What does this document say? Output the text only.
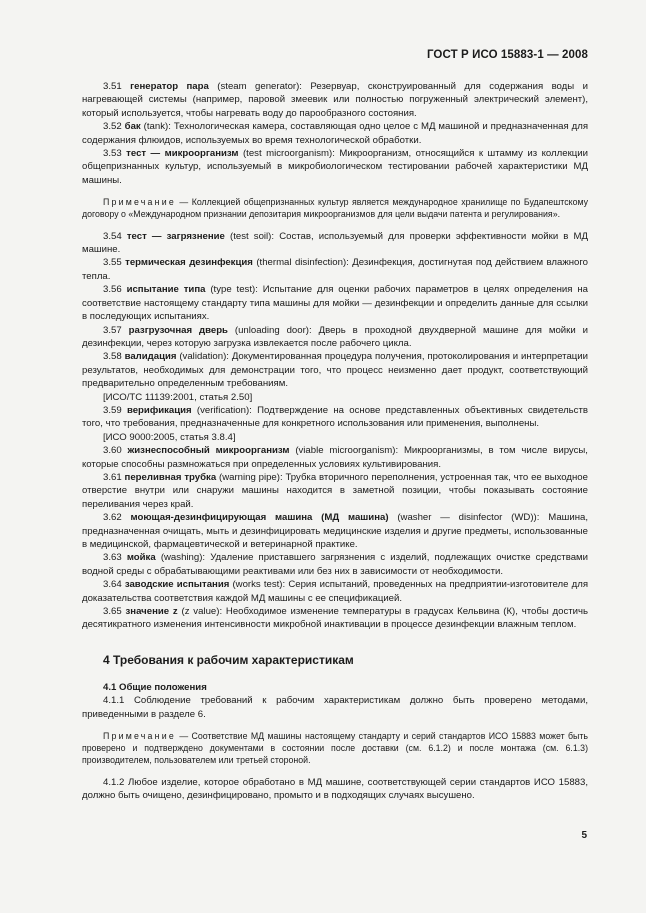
ГОСТ Р ИСО 15883-1 — 2008

3.51 генератор пара (steam generator): Резервуар, сконструированный для содержания воды и нагревающей системы (например, паровой змеевик или полностью погруженный электрический элемент), который используется, чтобы нагревать воду до парообразного состояния.

3.52 бак (tank): Технологическая камера, составляющая одно целое с МД машиной и предназначенная для содержания флюидов, используемых во время технологической обработки.

3.53 тест — микроорганизм (test microorganism): Микроорганизм, относящийся к штамму из коллекции общепризнанных культур, используемый в микробиологическом тестировании рабочей характеристики МД машины.

Примечание — Коллекцией общепризнанных культур является международное хранилище по Будапештскому договору о «Международном признании депозитария микроорганизмов для цели выдачи патента и регулирования».

3.54 тест — загрязнение (test soil): Состав, используемый для проверки эффективности мойки в МД машине.

3.55 термическая дезинфекция (thermal disinfection): Дезинфекция, достигнутая под действием влажного тепла.

3.56 испытание типа (type test): Испытание для оценки рабочих параметров в целях определения на соответствие настоящему стандарту типа машины для мойки — дезинфекции и определить данные для ссылки в последующих испытаниях.

3.57 разгрузочная дверь (unloading door): Дверь в проходной двухдверной машине для мойки и дезинфекции, через которую загрузка извлекается после рабочего цикла.

3.58 валидация (validation): Документированная процедура получения, протоколирования и интерпретации результатов, необходимых для демонстрации того, что процесс неизменно дает продукт, соответствующий предварительно определенным требованиям.

[ИСО/ТС 11139:2001, статья 2.50]

3.59 верификация (verification): Подтверждение на основе представленных объективных свидетельств того, что требования, предназначенные для конкретного использования или применения, выполнены.

[ИСО 9000:2005, статья 3.8.4]

3.60 жизнеспособный микроорганизм (viable microorganism): Микроорганизмы, в том числе вирусы, которые способны размножаться при определенных условиях культивирования.

3.61 переливная трубка (warning pipe): Трубка вторичного переполнения, устроенная так, что ее выходное отверстие внутри или снаружи машины находится в заметной позиции, чтобы показывать состояние переливания через край.

3.62 моющая-дезинфицирующая машина (МД машина) (washer — disinfector (WD)): Машина, предназначенная очищать, мыть и дезинфицировать медицинские изделия и другие предметы, использованные в медицинской, фармацевтической и ветеринарной практике.

3.63 мойка (washing): Удаление приставшего загрязнения с изделий, подлежащих очистке средствами водной среды с обрабатывающими реактивами или без них в зависимости от необходимости.

3.64 заводские испытания (works test): Серия испытаний, проведенных на предприятии-изготовителе для доказательства соответствия каждой МД машины с ее спецификацией.

3.65 значение z (z value): Необходимое изменение температуры в градусах Кельвина (К), чтобы достичь десятикратного изменения интенсивности микробной инактивации в процессе дезинфекции влажным теплом.

4 Требования к рабочим характеристикам

4.1 Общие положения

4.1.1 Соблюдение требований к рабочим характеристикам должно быть проверено методами, приведенными в разделе 6.

Примечание — Соответствие МД машины настоящему стандарту и серий стандартов ИСО 15883 может быть проверено и подтверждено документами в состоянии после доставки (см. 6.1.2) и после монтажа (см. 6.1.3) производителем, пользователем или третьей стороной.

4.1.2 Любое изделие, которое обработано в МД машине, соответствующей серии стандартов ИСО 15883, должно быть очищено, дезинфицировано, промыто и в подходящих случаях высушено.

5
